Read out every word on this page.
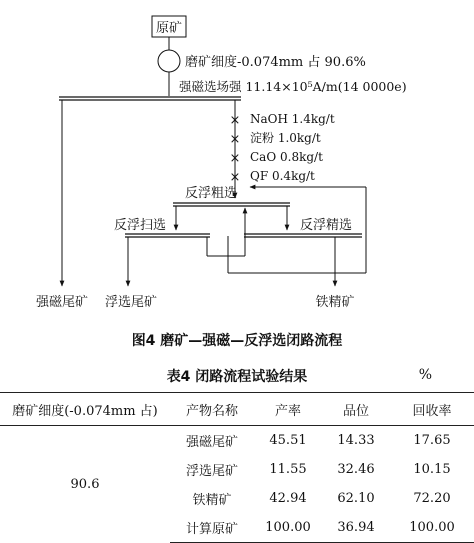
原矿
磨矿细度-0.074mm 占 90.6%
强磁选场强 11.14×10⁵A/m(14 0000e)
×
×
×
×
NaOH 1.4kg/t
淀粉 1.0kg/t
CaO 0.8kg/t
QF 0.4kg/t
反浮粗选
反浮扫选	反浮精选
强磁尾矿 浮选尾矿	铁精矿
图4 磨矿—强磁—反浮选闭路流程
表4 闭路流程试验结果	%
磨矿细度(-0.074mm 占)	产物名称	产率	品位	回收率
90.6	强磁尾矿	45.51	14.33	17.65
	浮选尾矿	11.55	32.46	10.15
	铁精矿	42.94	62.10	72.20
	计算原矿	100.00	36.94	100.00
